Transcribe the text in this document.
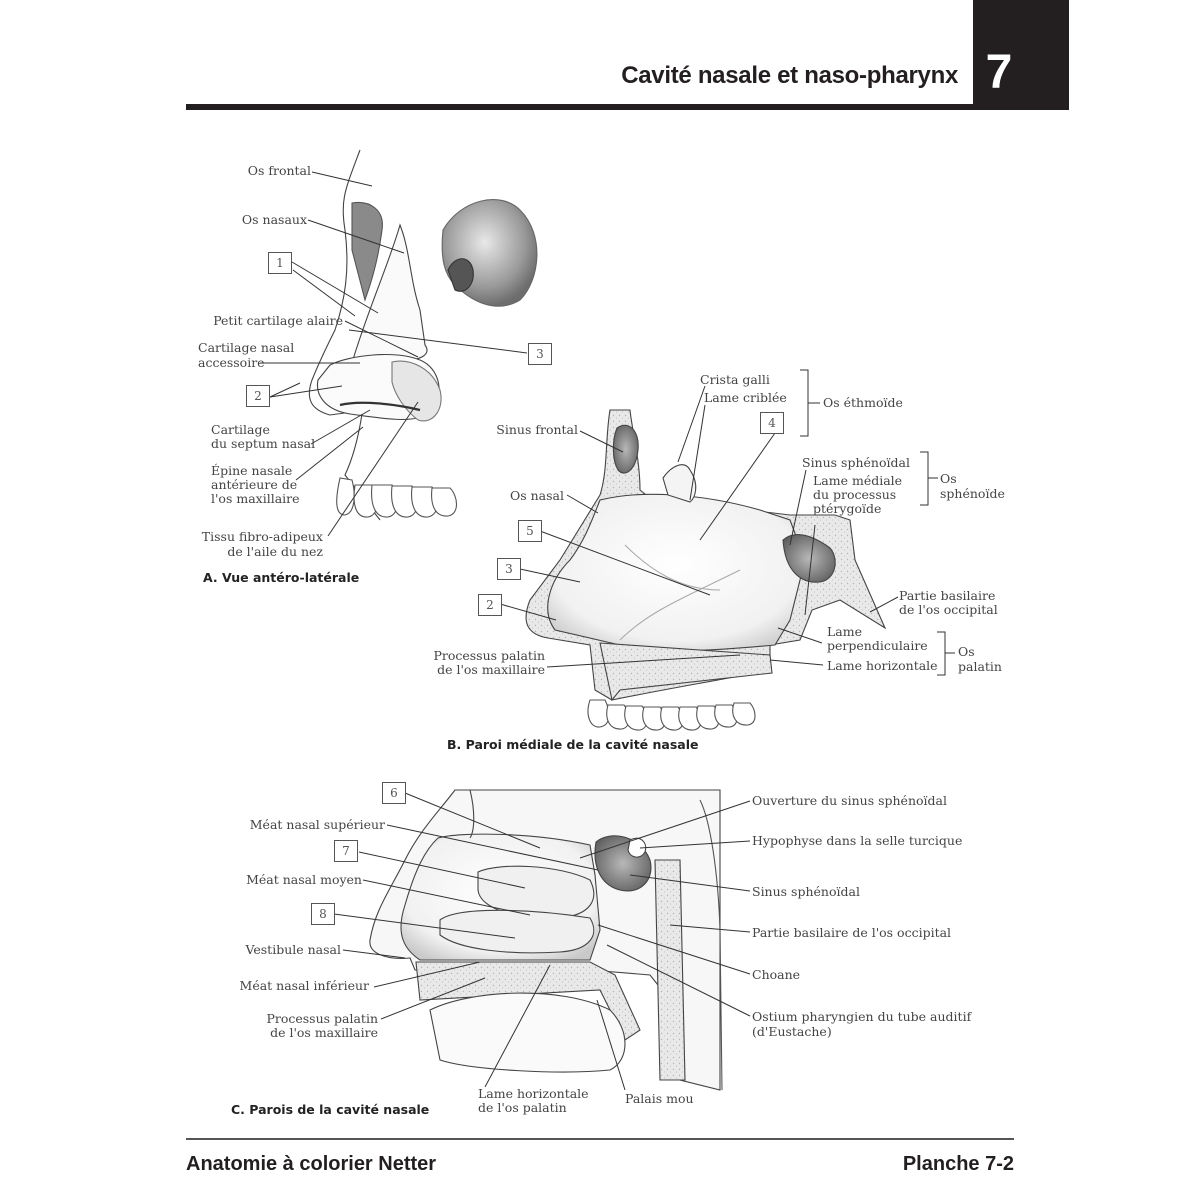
Cavité nasale et naso-pharynx 7
Os frontal
Os nasaux
1
Petit cartilage alaire
Cartilage nasal
accessoire
3
2
Cartilage
du septum nasal
Épine nasale
antérieure de
l'os maxillaire
Tissu fibro-adipeux
de l'aile du nez
A. Vue antéro-latérale
Crista galli
Lame criblée	Os éthmoïde
4
Sinus frontal
Sinus sphénoïdal
Lame médiale
du processus
ptérygoïde
Os
sphénoïde
Os nasal
5
3
2
Partie basilaire
de l'os occipital
Lame
perpendiculaire
Lame horizontale
Os
palatin
Processus palatin
de l'os maxillaire
B. Paroi médiale de la cavité nasale
6
Méat nasal supérieur
7
Méat nasal moyen
8
Vestibule nasal
Méat nasal inférieur
Processus palatin
de l'os maxillaire
Lame horizontale
de l'os palatin
Palais mou
Ouverture du sinus sphénoïdal
Hypophyse dans la selle turcique
Sinus sphénoïdal
Partie basilaire de l'os occipital
Choane
Ostium pharyngien du tube auditif
(d'Eustache)
C. Parois de la cavité nasale
Anatomie à colorier Netter	Planche 7-2
